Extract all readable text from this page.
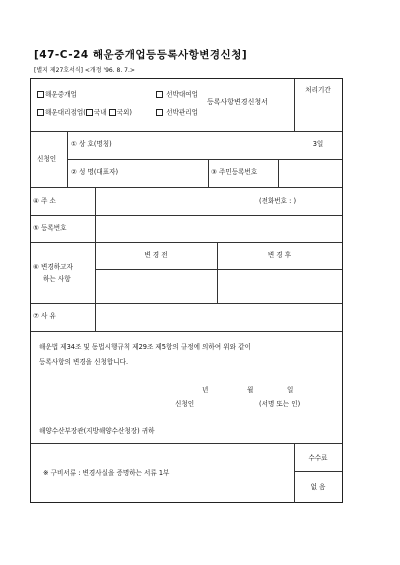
[47-C-24 해운중개업등등록사항변경신청]
[별지 제27호서식] <개정 '96. 8. 7.>
해운중개업	선박대여업
등록사항변경신청서
해운대리점업( 국내 국외)	선박관리업
처리기간
3일
신청인
① 상 호(명칭)
② 성 명(대표자)	③ 주민등록번호
④ 주 소	(전화번호 : )
⑤ 등록번호
⑥ 변경하고자
하는 사항
변 경 전	변 경 후
⑦ 사 유
해운법 제34조 및 동법시행규칙 제29조 제5항의 규정에 의하여 위와 같이
등록사항의 변경을 신청합니다.
년	월	일
신청인	(서명 또는 인)
해양수산부장관(지방해양수산청장) 귀하
※ 구비서류 : 변경사실을 증명하는 서류 1부
수수료
없 음
